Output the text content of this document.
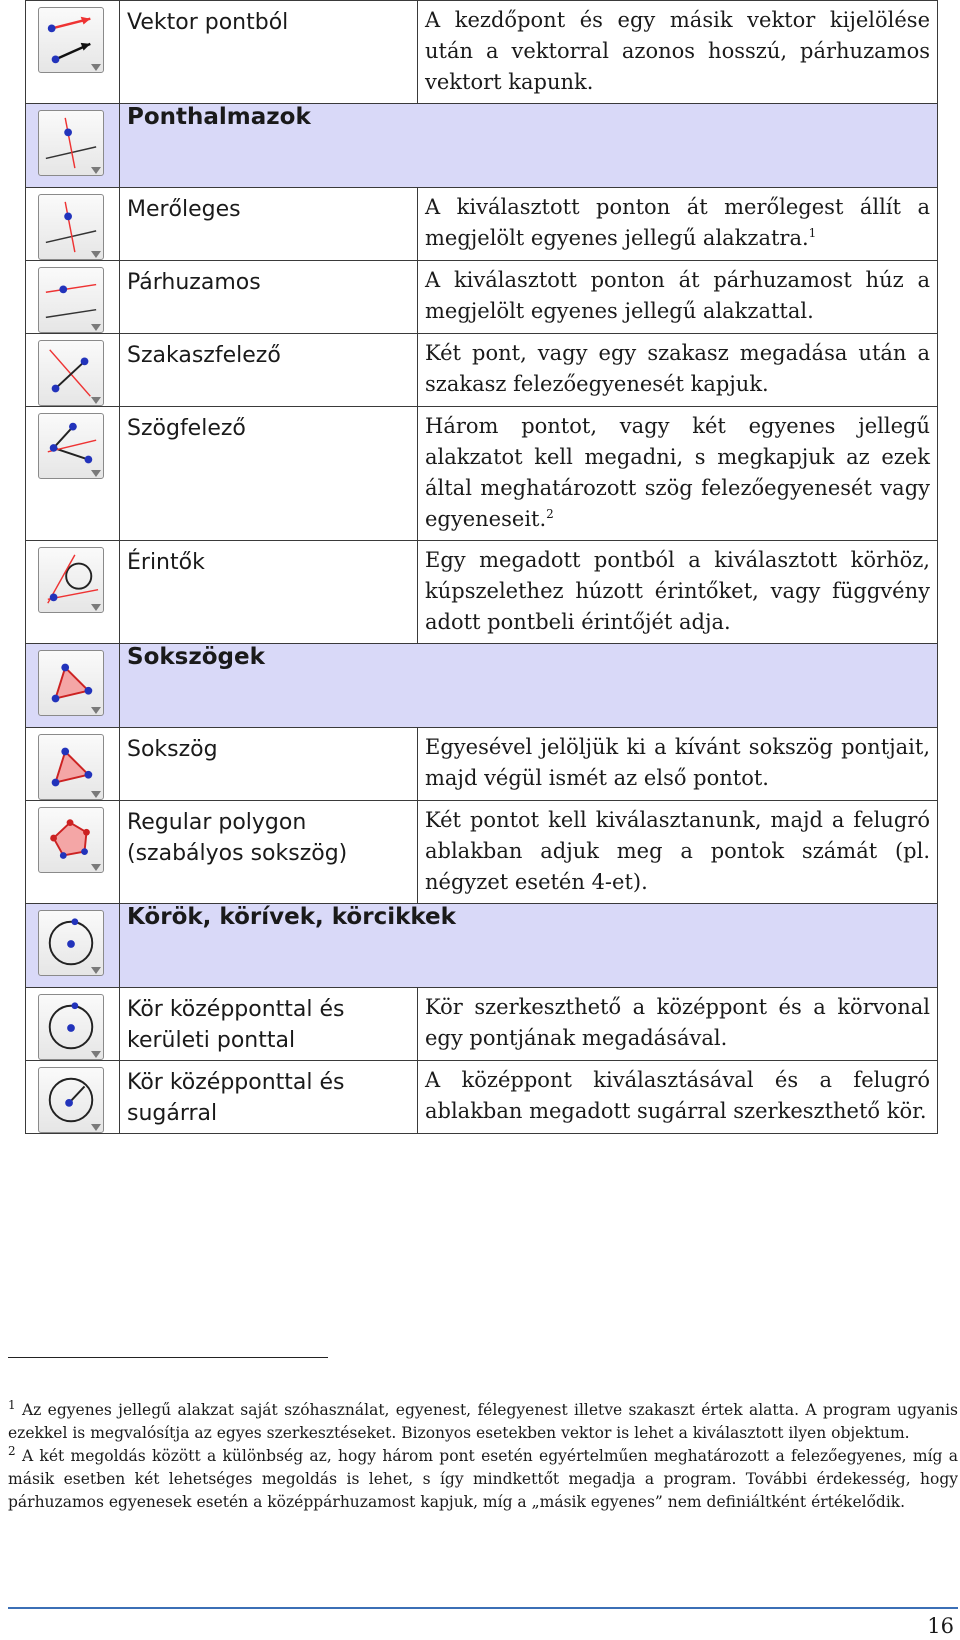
	Vektor pontból	A kezdőpont és egy másik vektor kijelölése után a vektorral azonos hosszú, párhuzamos vektort kapunk.

	Ponthalmazok	

	Merőleges	A kiválasztott ponton át merőlegest állít a megjelölt egyenes jellegű alakzatra.$^1$

	Párhuzamos	A kiválasztott ponton át párhuzamost húz a megjelölt egyenes jellegű alakzattal.

	Szakaszfelező	Két pont, vagy egy szakasz megadása után a szakasz felezőegyenesét kapjuk.

	Szögfelező	Három pontot, vagy két egyenes jellegű alakzatot kell megadni, s megkapjuk az ezek által meghatározott szög felezőegyenesét vagy egyeneseit.$^2$

	Érintők	Egy megadott pontból a kiválasztott körhöz, kúpszelethez húzott érintőket, vagy függvény adott pontbeli érintőjét adja.

	Sokszögek	

	Sokszög	Egyesével jelöljük ki a kívánt sokszög pontjait, majd végül ismét az első pontot.

	Regular polygon (szabályos sokszög)	Két pontot kell kiválasztanunk, majd a felugró ablakban adjuk meg a pontok számát (pl. négyzet esetén 4-et).

	Körök, körívek, körcikkek	

	Kör középponttal és kerületi ponttal	Kör szerkeszthető a középpont és a körvonal egy pontjának megadásával.

	Kör középponttal és sugárral	A középpont kiválasztásával és a felugró ablakban megadott sugárral szerkeszthető kör.

$^1$ Az egyenes jellegű alakzat saját szóhasználat, egyenest, félegyenest illetve szakaszt értek alatta. A program ugyanis ezekkel is megvalósítja az egyes szerkesztéseket. Bizonyos esetekben vektor is lehet a kiválasztott ilyen objektum.

$^2$ A két megoldás között a különbség az, hogy három pont esetén egyértelműen meghatározott a felezőegyenes, míg a másik esetben két lehetséges megoldás is lehet, s így mindkettőt megadja a program. További érdekesség, hogy párhuzamos egyenesek esetén a középpárhuzamost kapjuk, míg a „másik egyenes” nem definiáltként értékelődik.

16
